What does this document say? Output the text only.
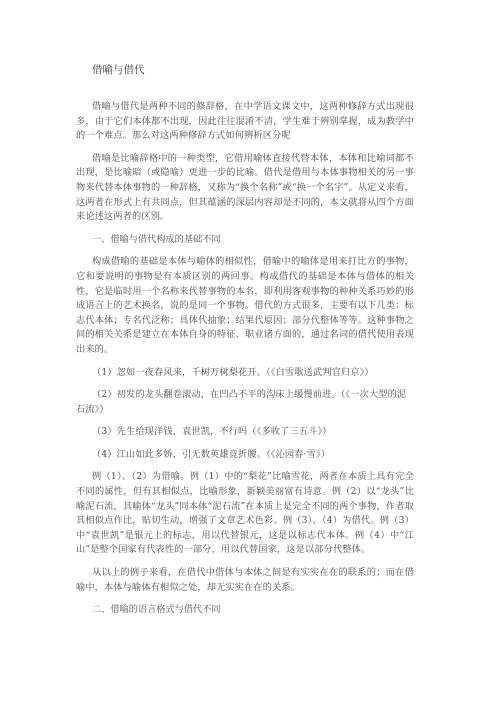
借喻与借代

借喻与借代是两种不同的修辞格，在中学语文课文中，这两种修辞方式出现很多，由于它们本体都不出现，因此往往混淆不清，学生难于辨别掌握，成为教学中的一个难点。那么对这两种修辞方式如何辨析区分呢

借喻是比喻辞格中的一种类型，它借用喻体直接代替本体，本体和比喻词都不出现，是比喻暗（或隐喻）更进一步的比喻。借代是借用与本体事物相关的另一事物来代替本体事物的一种辞格，又称为“换个名称”或“换一个名字”。从定义来看，这两者在形式上有共同点，但其蕴涵的深层内容却是不同的，本文就将从四个方面来论述这两者的区别。

一、借喻与借代构成的基础不同

构成借喻的基础是本体与喻体的相似性，借喻中的喻体是用来打比方的事物，它和要说明的事物是有本质区别的两回事。构成借代的基础是本体与借体的相关性，它是临时用一个名称来代替事物的本名，即利用客观事物的种种关系巧妙的形成语言上的艺术换名，说的是同一个事物。借代的方式很多，主要有以下几类：标志代本体；专名代泛称；具体代抽象；结果代原因；部分代整体等等。这种事物之间的相关关系是建立在本体自身的特征、职业诸方面的，通过名词的借代使用表现出来的。

（1）忽如一夜春风来，千树万树梨花开。（《白雪歌送武判官归京》）

（2）初发的龙头翻卷滚动，在凹凸不平的沟床上缓慢前进。（《一次大型的泥石流》）

（3）先生给现洋钱，袁世凯，不行吗（《多收了三五斗》）

（4）江山如此多娇，引无数英雄竞折腰。（《沁园春·雪》）

例（1）、（2）为借喻。例（1）中的“梨花”比喻雪花，两者在本质上具有完全不同的属性，但有其相似点，比喻形象，新颖美丽富有诗意。例（2）以“龙头”比喻泥石流，其喻体“龙头”同本体“泥石流”在本质上是完全不同的两个事物，作者取其相似点作比，贴切生动，增强了文章艺术色彩。例（3）、（4）为借代。例（3）中“袁世凯”是银元上的标志，用以代替银元，这是以标志代本体。例（4）中“江山”是整个国家有代表性的一部分，用以代替国家，这是以部分代整体。

从以上的例子来看，在借代中借体与本体之间是有实实在在的联系的；而在借喻中，本体与喻体有相似之处，却无实实在在的关系。

二、借喻的语言格式与借代不同
